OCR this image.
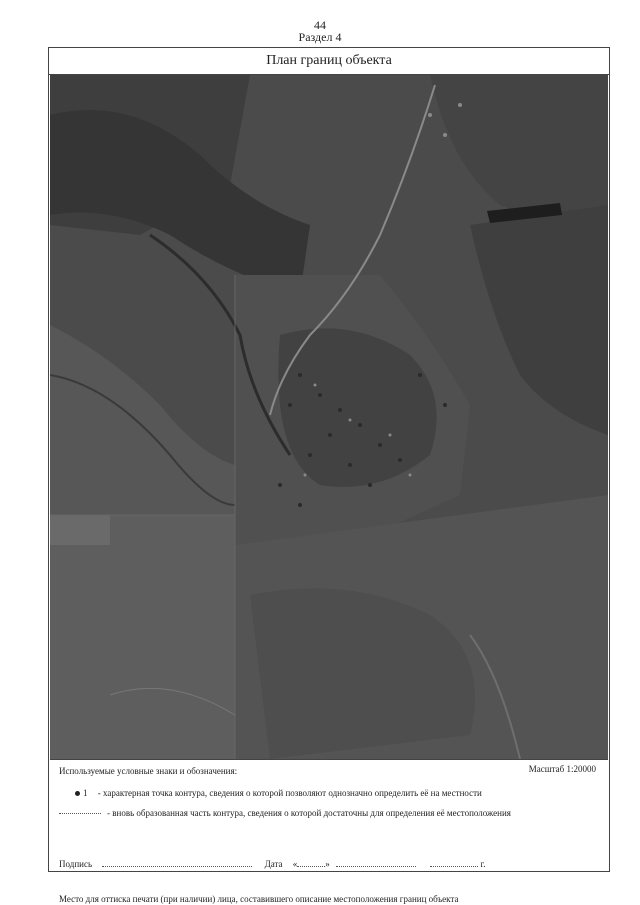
44
Раздел 4
План границ объекта
Используемые условные знаки и обозначения:	Масштаб 1:20000
1 - характерная точка контура, сведения о которой позволяют однозначно определить её на местности
- вновь образованная часть контура, сведения о которой достаточны для определения её местоположения
Подпись	Дата «	»	г.
Место для оттиска печати (при наличии) лица, составившего описание местоположения границ объекта
